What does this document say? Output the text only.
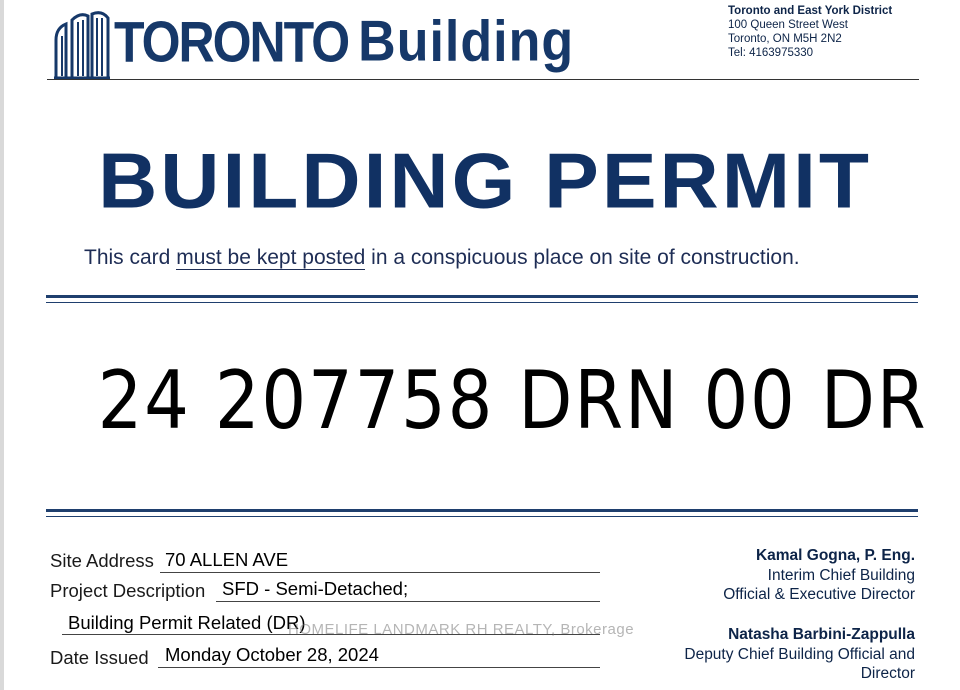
TORONTO Building	Toronto and East York District
100 Queen Street West
Toronto, ON M5H 2N2
Tel: 4163975330
BUILDING PERMIT
This card must be kept posted in a conspicuous place on site of construction.
24 207758 DRN 00 DR
Site Address 70 ALLEN AVE
Project Description SFD - Semi-Detached;
Building Permit Related (DR)
HOMELIFE LANDMARK RH REALTY, Brokerage
Date Issued Monday October 28, 2024
Kamal Gogna, P. Eng.
Interim Chief Building
Official & Executive Director
Natasha Barbini-Zappulla
Deputy Chief Building Official and
Director
